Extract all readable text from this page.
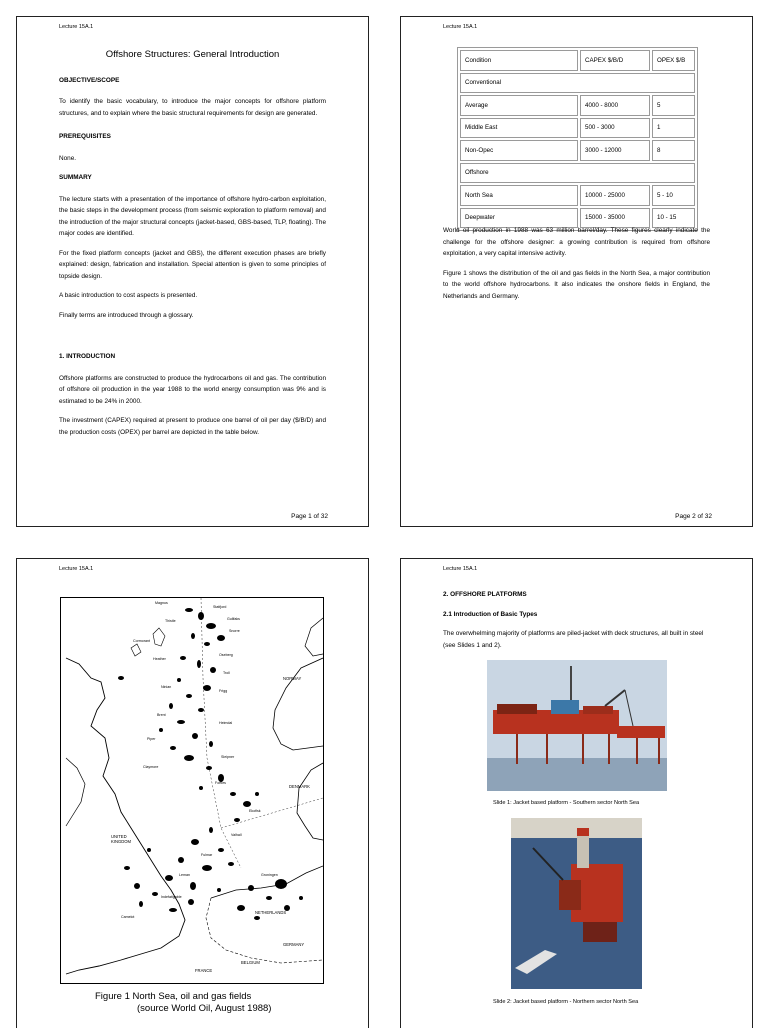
Lecture 15A.1
Offshore Structures: General Introduction
OBJECTIVE/SCOPE

To identify the basic vocabulary, to introduce the major concepts for offshore platform structures, and to explain where the basic structural requirements for design are generated.

PREREQUISITES

None.

SUMMARY

The lecture starts with a presentation of the importance of offshore hydro-carbon exploitation, the basic steps in the development process (from seismic exploration to platform removal) and the introduction of the major structural concepts (jacket-based, GBS-based, TLP, floating). The major codes are identified.

For the fixed platform concepts (jacket and GBS), the different execution phases are briefly explained: design, fabrication and installation. Special attention is given to some principles of topside design.

A basic introduction to cost aspects is presented.

Finally terms are introduced through a glossary.

1. INTRODUCTION

Offshore platforms are constructed to produce the hydrocarbons oil and gas. The contribution of offshore oil production in the year 1988 to the world energy consumption was 9% and is estimated to be 24% in 2000.

The investment (CAPEX) required at present to produce one barrel of oil per day ($/B/D) and the production costs (OPEX) per barrel are depicted in the table below.

Page 1 of 32
Lecture 15A.1
Condition	CAPEX $/B/D	OPEX $/B
Conventional		
Average	4000 - 8000	5
Middle East	500 - 3000	1
Non-Opec	3000 - 12000	8
Offshore		
North Sea	10000 - 25000	5 - 10
Deepwater	15000 - 35000	10 - 15

World oil production in 1988 was 63 million barrel/day. These figures clearly indicate the challenge for the offshore designer: a growing contribution is required from offshore exploitation, a very capital intensive activity.

Figure 1 shows the distribution of the oil and gas fields in the North Sea, a major contribution to the world offshore hydrocarbons. It also indicates the onshore fields in England, the Netherlands and Germany.

Page 2 of 32
Lecture 15A.1
Magnus
Statfjord
Gullfaks
Thistle
Snorre
Cormorant
Oseberg
Heather
Troll
Ninian
Frigg
Brent
Heimdal
Piper
Sleipner
Claymore
Forties
Ekofisk
Valhall
Fulmar
Leman	Groningen
Indefatigable
Camelot
NORWAY
DENMARK
UNITED
KINGDOM
GERMANY
BELGIUM
FRANCE
NETHERLANDS
Figure 1 North Sea, oil and gas fields
(source World Oil, August 1988)
Lecture 15A.1
2. OFFSHORE PLATFORMS
2.1 Introduction of Basic Types

The overwhelming majority of platforms are piled-jacket with deck structures, all built in steel (see Slides 1 and 2).

Slide 1: Jacket based platform - Southern sector North Sea
Slide 2: Jacket based platform - Northern sector North Sea
